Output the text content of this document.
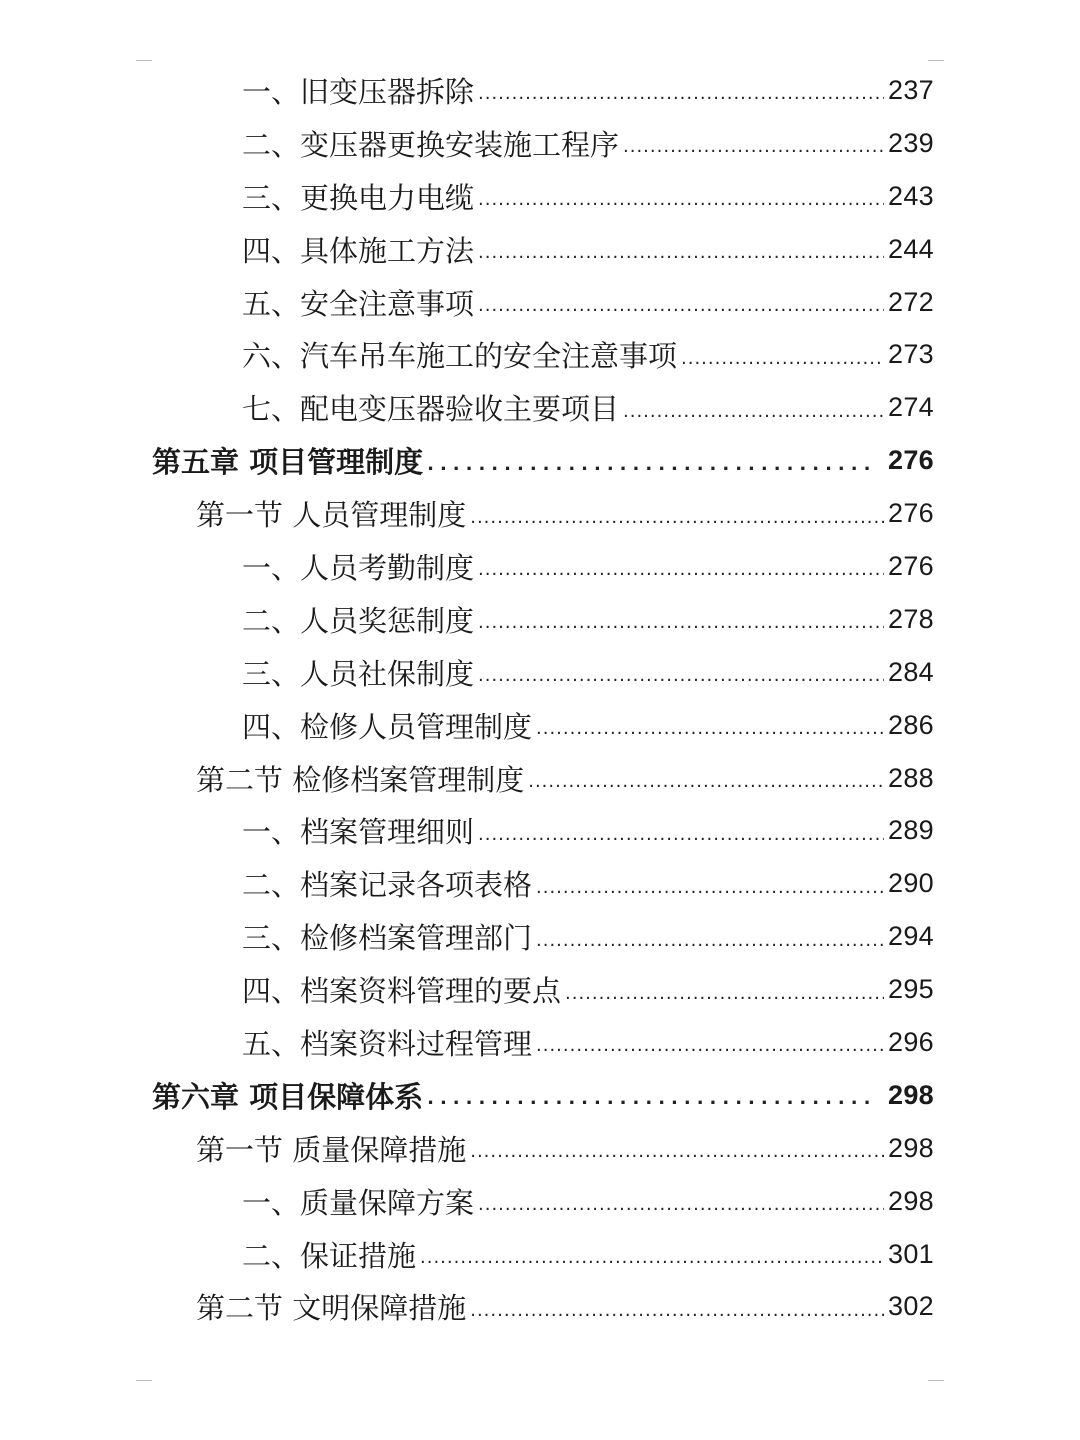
一、旧变压器拆除 .....	237
二、变压器更换安装施工程序 .....	239
三、更换电力电缆 .....	243
四、具体施工方法 .....	244
五、安全注意事项 .....	272
六、汽车吊车施工的安全注意事项 .....	273
七、配电变压器验收主要项目 .....	274
第五章 项目管理制度 .....	276
第一节 人员管理制度 .....	276
一、人员考勤制度 .....	276
二、人员奖惩制度 .....	278
三、人员社保制度 .....	284
四、检修人员管理制度 .....	286
第二节 检修档案管理制度 .....	288
一、档案管理细则 .....	289
二、档案记录各项表格 .....	290
三、检修档案管理部门 .....	294
四、档案资料管理的要点 .....	295
五、档案资料过程管理 .....	296
第六章 项目保障体系 .....	298
第一节 质量保障措施 .....	298
一、质量保障方案 .....	298
二、保证措施 .....	301
第二节 文明保障措施 .....	302
